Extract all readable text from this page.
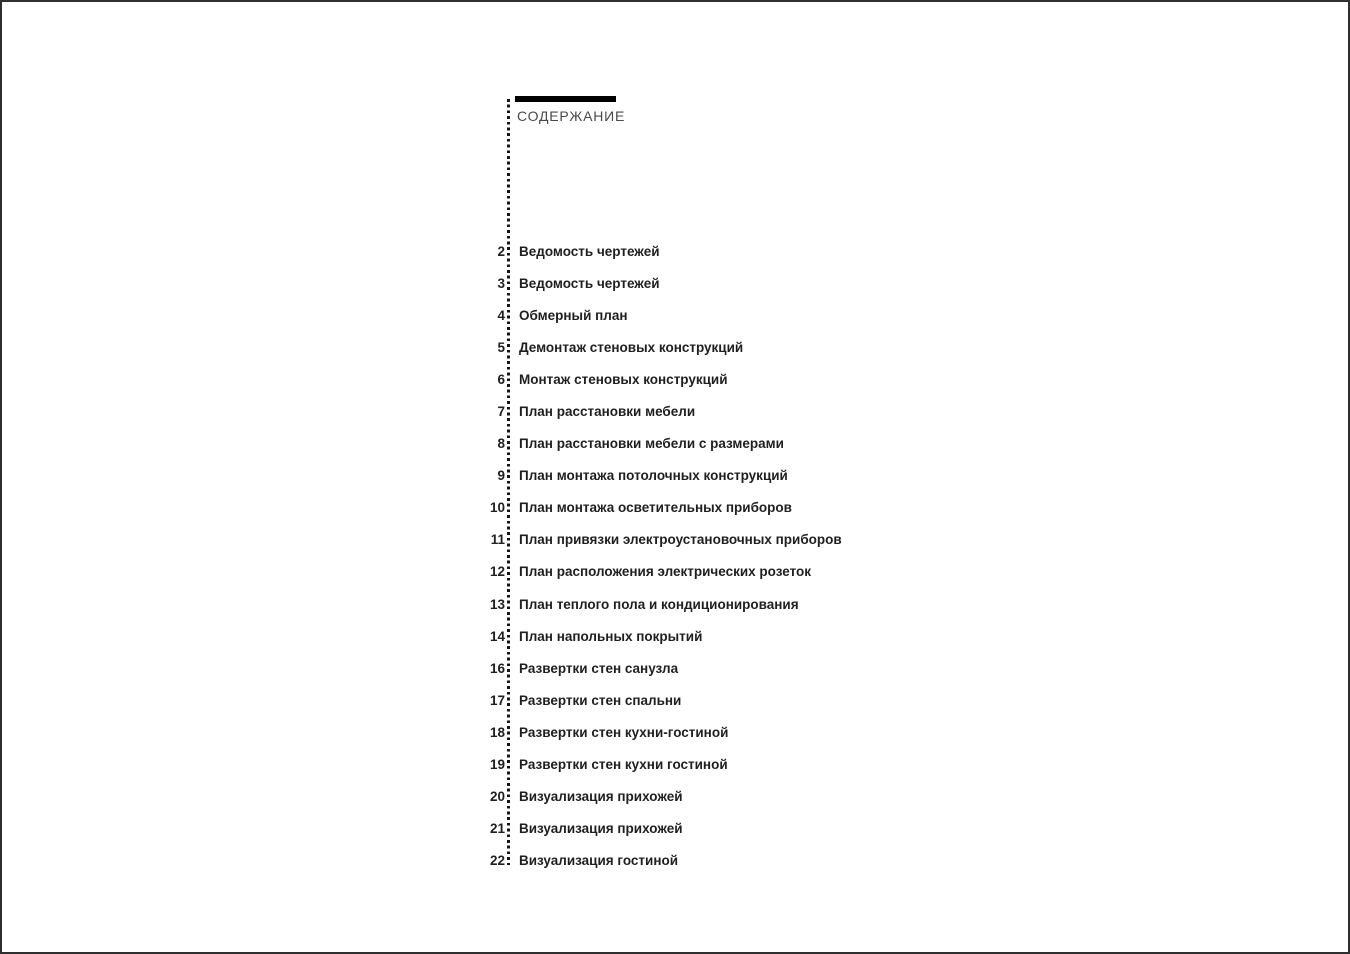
СОДЕРЖАНИЕ
2	Ведомость чертежей
3	Ведомость чертежей
4	Обмерный план
5	Демонтаж стеновых конструкций
6	Монтаж стеновых конструкций
7	План расстановки мебели
8	План расстановки мебели с размерами
9	План монтажа потолочных конструкций
10	План монтажа осветительных приборов
11	План привязки электроустановочных приборов
12	План расположения электрических розеток
13	План теплого пола и кондиционирования
14	План напольных покрытий
16	Развертки стен санузла
17	Развертки стен спальни
18	Развертки стен кухни-гостиной
19	Развертки стен кухни гостиной
20	Визуализация прихожей
21	Визуализация прихожей
22	Визуализация гостиной
